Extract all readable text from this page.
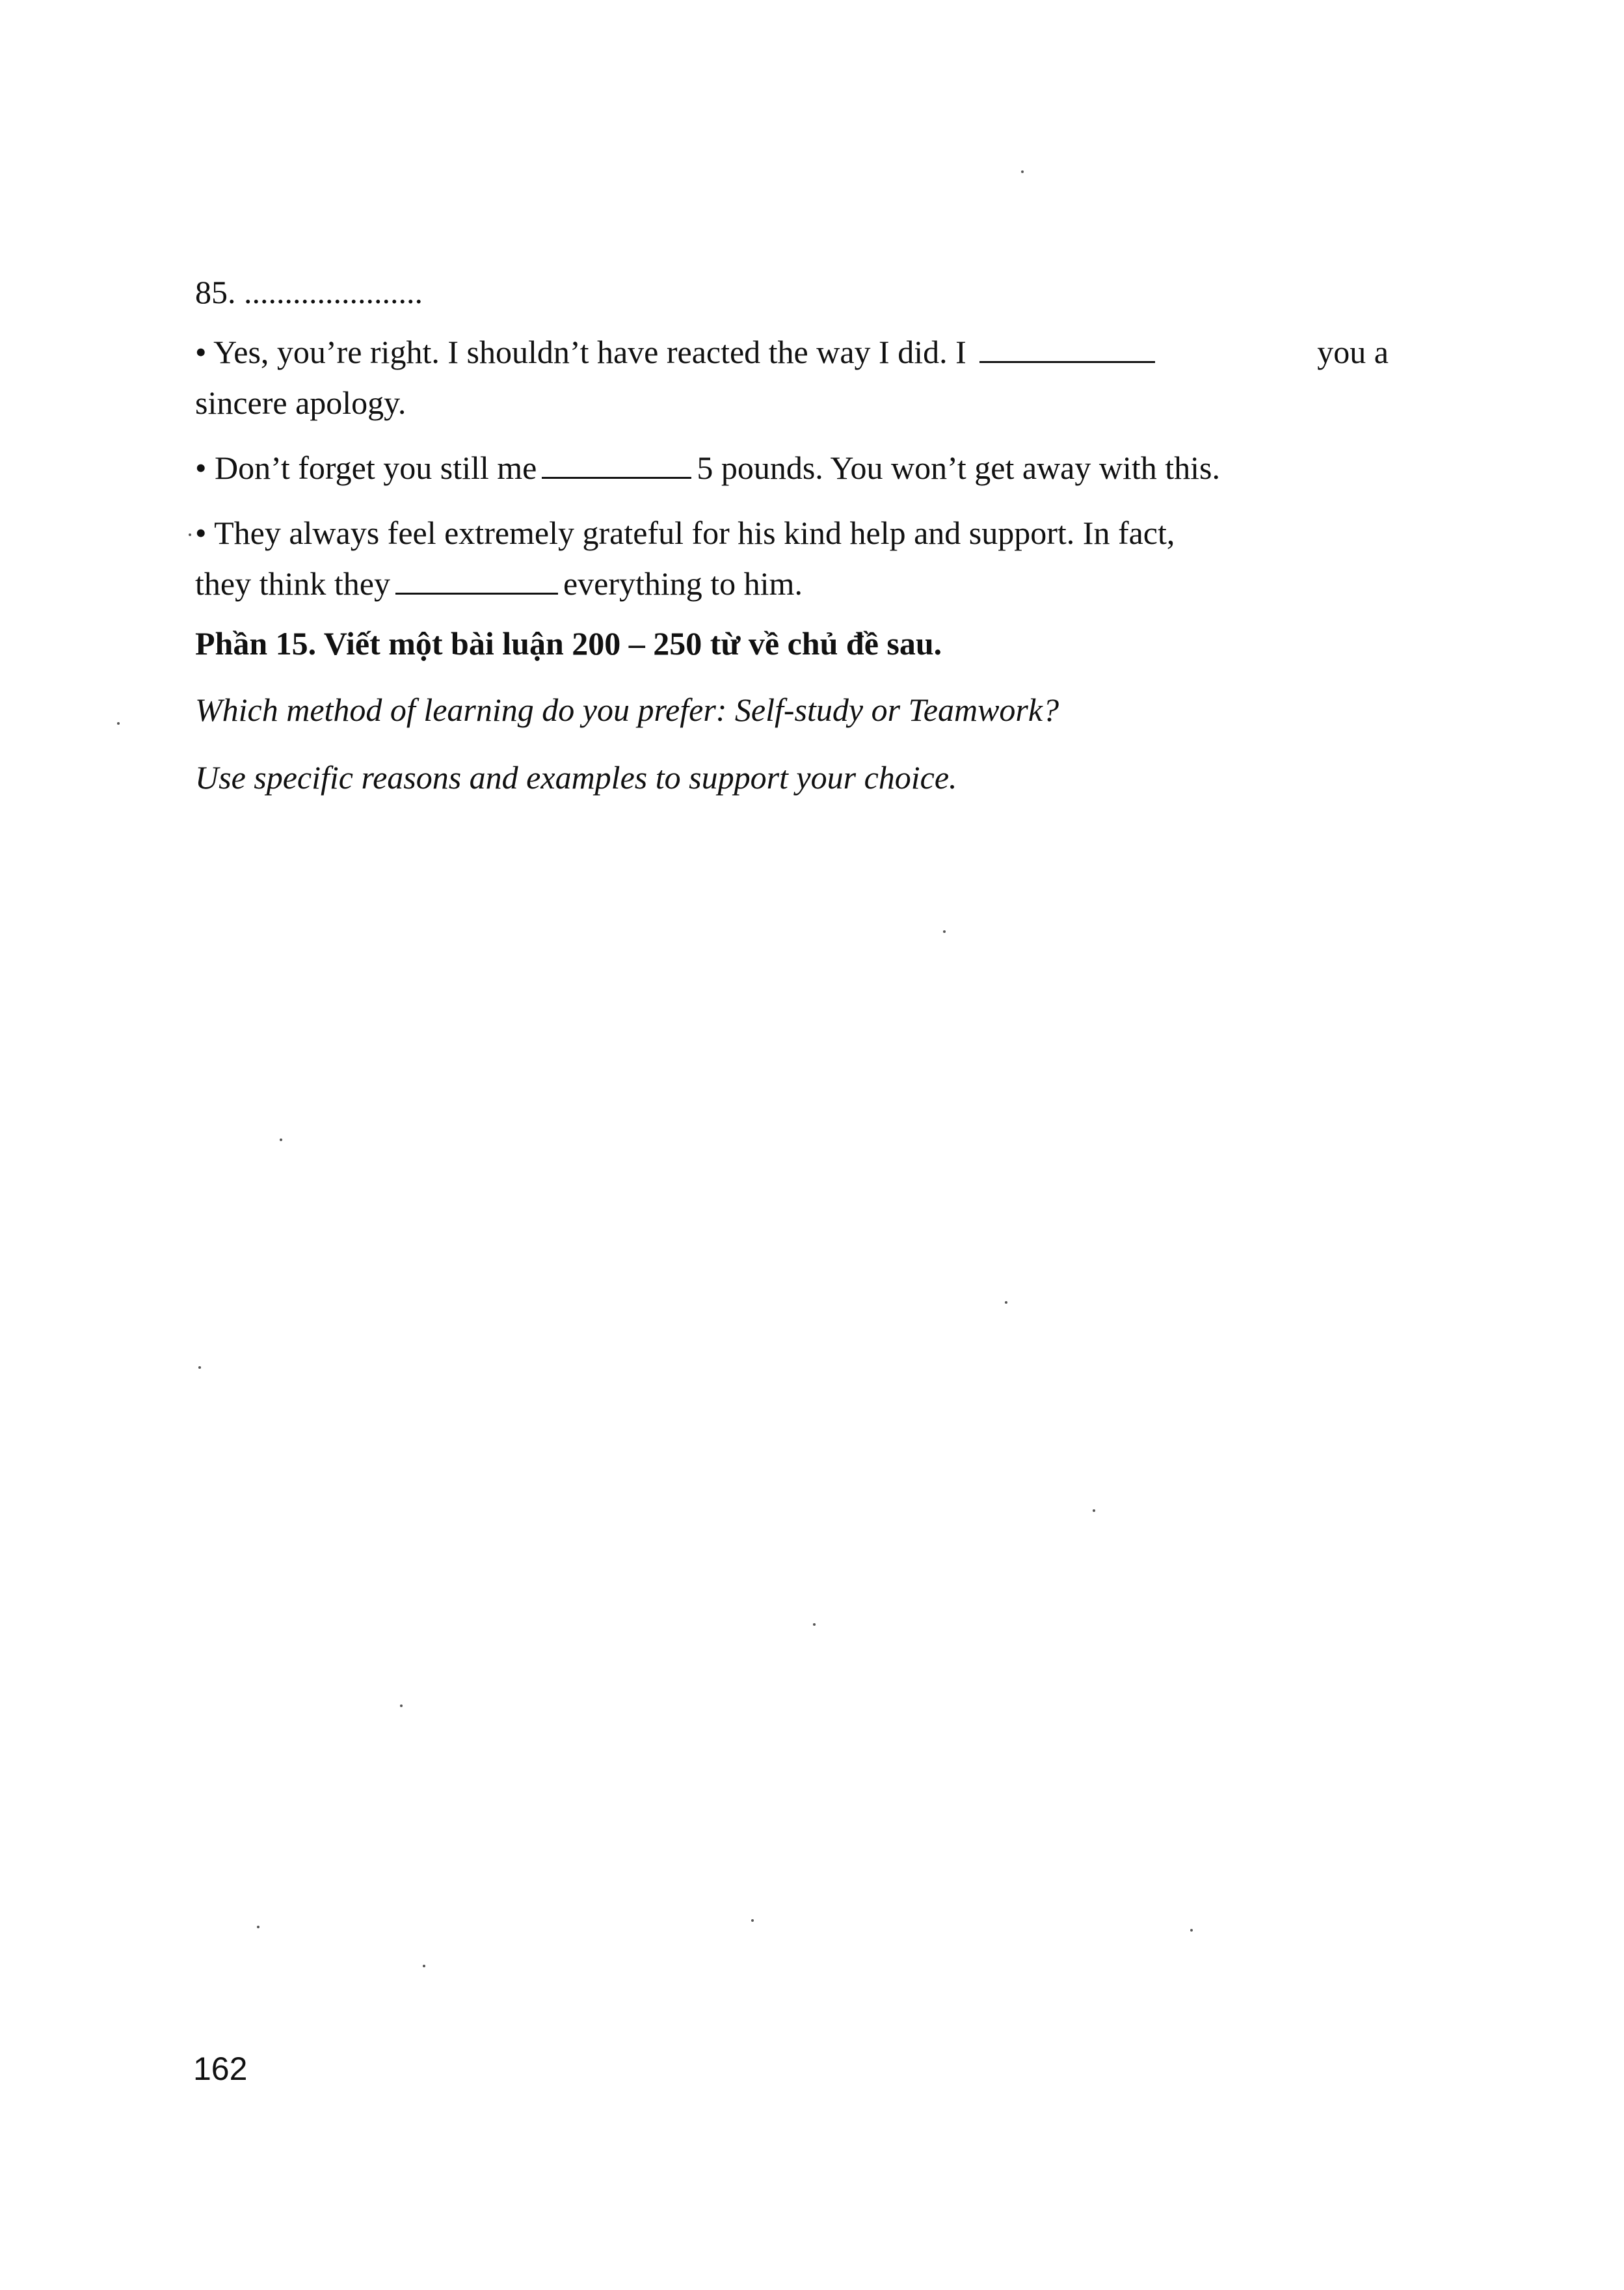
85. ......................
• Yes, you’re right. I shouldn’t have reacted the way I did. I	you a
sincere apology.
• Don’t forget you still me	5 pounds. You won’t get away with this.
• They always feel extremely grateful for his kind help and support. In fact,
they think they	everything to him.
Phần 15. Viết một bài luận 200 – 250 từ về chủ đề sau.
Which method of learning do you prefer: Self-study or Teamwork?
Use specific reasons and examples to support your choice.
162
